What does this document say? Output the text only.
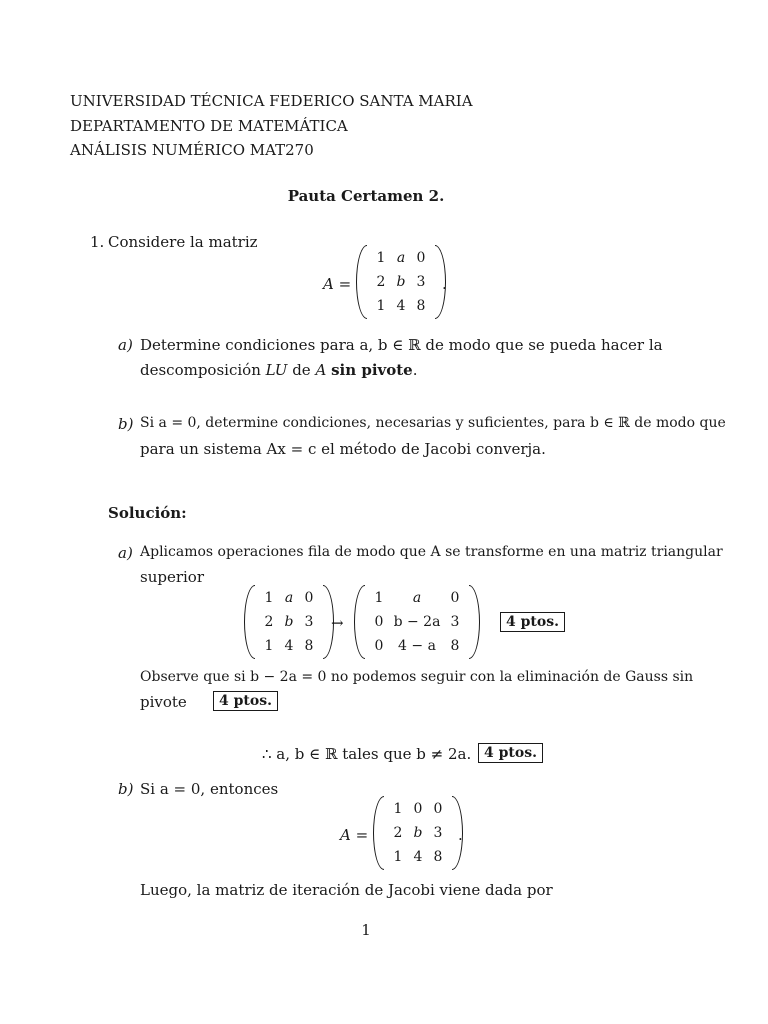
UNIVERSIDAD TÉCNICA FEDERICO SANTA MARIA
DEPARTAMENTO DE MATEMÁTICA
ANÁLISIS NUMÉRICO MAT270
Pauta Certamen 2.
1. Considere la matriz
A =
1	a	0
2	b	3
1	4	8
.
a) Determine condiciones para a, b ∈ ℝ de modo que se pueda hacer la
descomposición LU de A sin pivote.
b) Si a = 0, determine condiciones, necesarias y suficientes, para b ∈ ℝ de modo que
para un sistema Ax = c el método de Jacobi converja.
Solución:
a) Aplicamos operaciones fila de modo que A se transforme en una matriz triangular
superior
1	a	0
2	b	3
1	4	8
→
1	a	0
0	b − 2a	3
0	4 − a	8
4 ptos.
Observe que si b − 2a = 0 no podemos seguir con la eliminación de Gauss sin
pivote	4 ptos.
∴ a, b ∈ ℝ tales que b ≠ 2a. 4 ptos.
b) Si a = 0, entonces
A =
1	0	0
2	b	3
1	4	8
.
Luego, la matriz de iteración de Jacobi viene dada por
1
